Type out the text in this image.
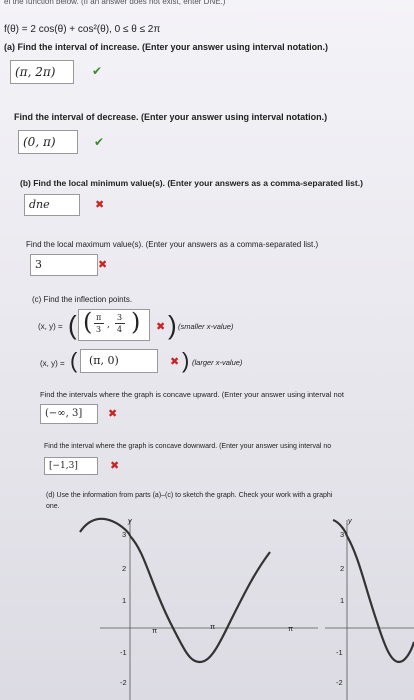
el the function below. (If an answer does not exist, enter DNE.)
f(θ) = 2 cos(θ) + cos²(θ), 0 ≤ θ ≤ 2π
(a) Find the interval of increase. (Enter your answer using interval notation.)
(π, 2π)	✔
Find the interval of decrease. (Enter your answer using interval notation.)
(0, π)	✔
(b) Find the local minimum value(s). (Enter your answers as a comma-separated list.)
dne	✖
Find the local maximum value(s). (Enter your answers as a comma-separated list.)
3	✖
(c) Find the inflection points.
(x, y) = ( ( π
3 ,
3
4 ) ✖ ) (smaller x-value)
(x, y) = (	(π, 0)	✖ ) (larger x-value)
Find the intervals where the graph is concave upward. (Enter your answer using interval not
(−∞, 3]	✖
Find the interval where the graph is concave downward. (Enter your answer using interval no
[−1,3]	✖
(d) Use the information from parts (a)–(c) to sketch the graph. Check your work with a graphi
one.
y
3
2
1
-1
-2
π	π	π
y
3
2
1
-1
-2
